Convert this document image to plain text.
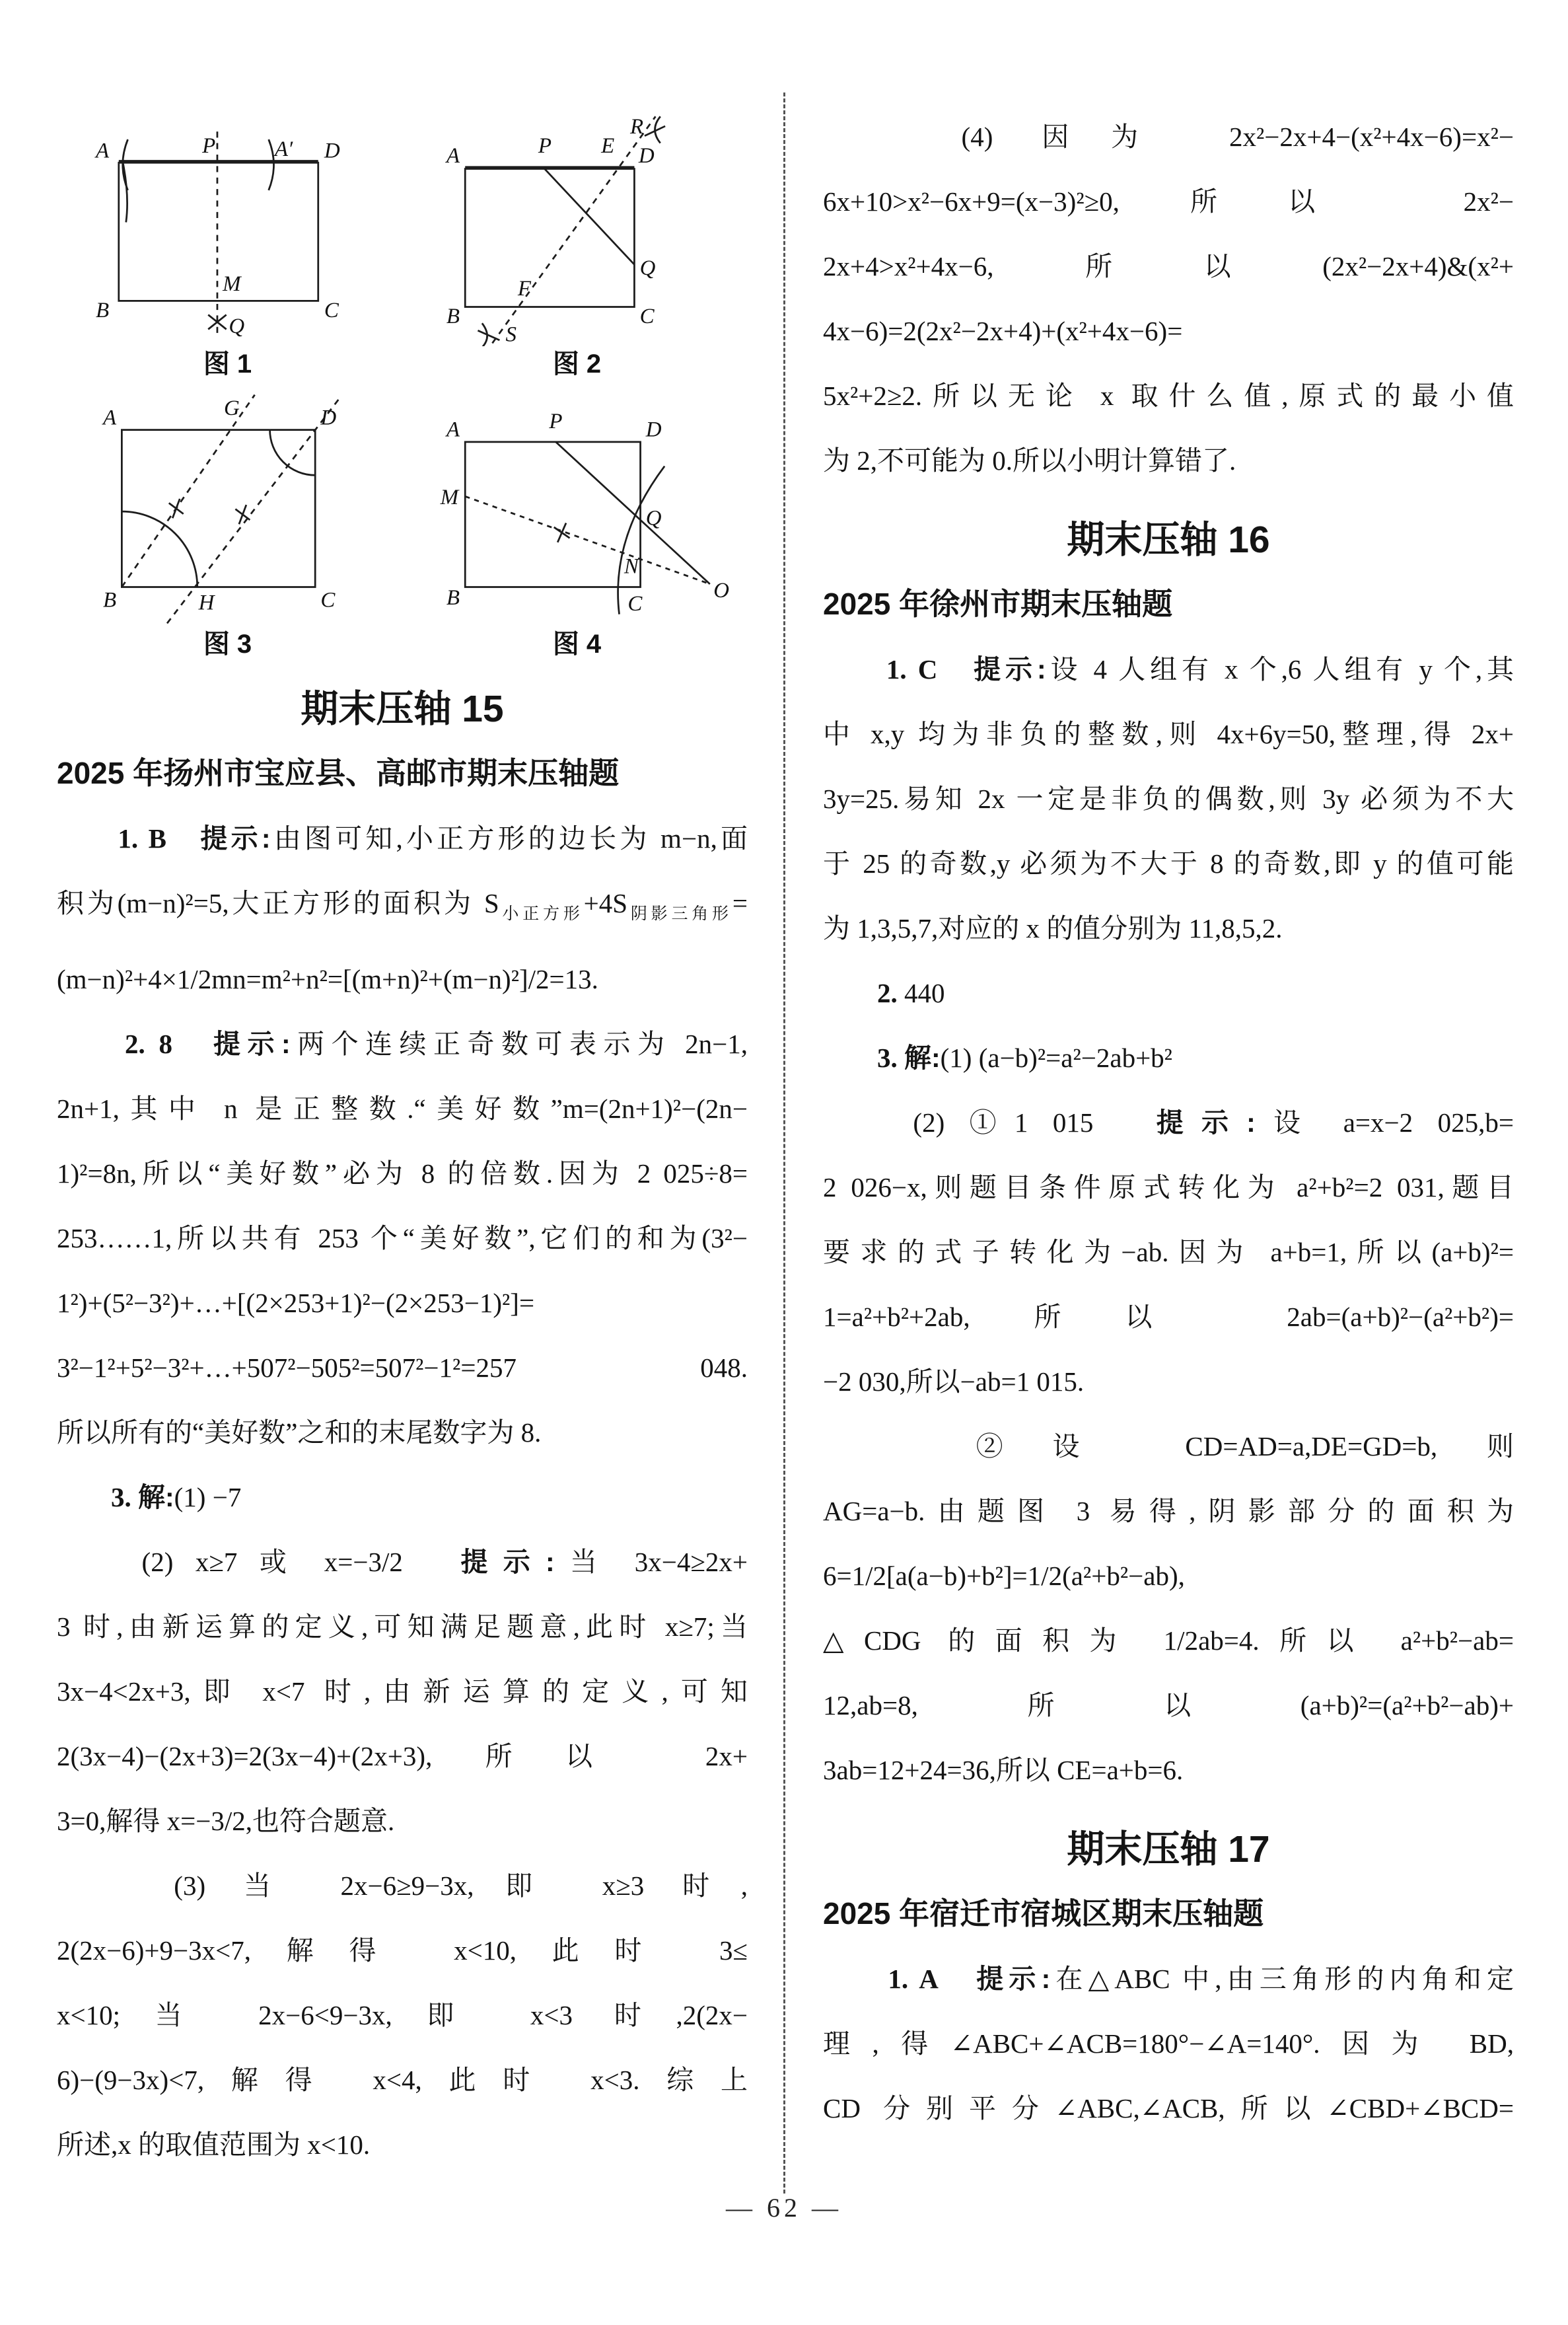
A	P A′ D
B
M
Q
C
图 1
A	P E D
R
Q
B
F
C
S
图 2
A	G	D
B	H	C
图 3
A	P	D
M
Q
N
B	C
O
图 4
期末压轴 15
2025 年扬州市宝应县、高邮市期末压轴题
　　1. B　 提示:由图可知,小正方形的边长为 m−n,面
积为(m−n)²=5,大正方形的面积为 $S_{小正方形}+4S_{阴影三角形}=$
(m−n)²+4×1/2mn=m²+n²=[(m+n)²+(m−n)²]/2=13.
　　2. 8　 提示:两个连续正奇数可表示为 2n−1,
2n+1,其中 n 是正整数.“美好数”m=(2n+1)²−(2n−
1)²=8n,所以“美好数”必为 8 的倍数.因为 2 025÷8=
253……1,所以共有 253 个“美好数”,它们的和为(3²−
1²)+(5²−3²)+…+[(2×253+1)²−(2×253−1)²]=
3²−1²+5²−3²+…+507²−505²=507²−1²=257 048.
所以所有的“美好数”之和的末尾数字为 8.
　　3. 解:(1) −7
　　(2) x≥7 或 x=−3/2　提示:当 3x−4≥2x+
3 时,由新运算的定义,可知满足题意,此时 x≥7;当
3x−4<2x+3,即 x<7 时,由新运算的定义,可知
2(3x−4)−(2x+3)=2(3x−4)+(2x+3),所以 2x+
3=0,解得 x=−3/2,也符合题意.
　　(3) 当 2x−6≥9−3x,即 x≥3 时,
2(2x−6)+9−3x<7,解得 x<10,此时 3≤
x<10;当 2x−6<9−3x,即 x<3 时,2(2x−
6)−(9−3x)<7,解得 x<4,此时 x<3.综上
所述,x 的取值范围为 x<10.
　　(4) 因为 2x²−2x+4−(x²+4x−6)=x²−
6x+10>x²−6x+9=(x−3)²≥0,所以 2x²−
2x+4>x²+4x−6,所以(2x²−2x+4)&(x²+
4x−6)=2(2x²−2x+4)+(x²+4x−6)=
5x²+2≥2.所以无论 x 取什么值,原式的最小值
为 2,不可能为 0.所以小明计算错了.
期末压轴 16
2025 年徐州市期末压轴题
　　1. C　 提示:设 4 人组有 x 个,6 人组有 y 个,其
中 x,y 均为非负的整数,则 4x+6y=50,整理,得 2x+
3y=25.易知 2x 一定是非负的偶数,则 3y 必须为不大
于 25 的奇数,y 必须为不大于 8 的奇数,即 y 的值可能
为 1,3,5,7,对应的 x 的值分别为 11,8,5,2.
　　2. 440
　　3. 解:(1) (a−b)²=a²−2ab+b²
　　(2) ①1 015　提示:设 a=x−2 025,b=
2 026−x,则题目条件原式转化为 a²+b²=2 031,题目
要求的式子转化为−ab.因为 a+b=1,所以(a+b)²=
1=a²+b²+2ab,所以 2ab=(a+b)²−(a²+b²)=
−2 030,所以−ab=1 015.
　　②设 CD=AD=a,DE=GD=b,则
AG=a−b.由题图 3 易得,阴影部分的面积为
6=1/2[a(a−b)+b²]=1/2(a²+b²−ab),
△CDG 的面积为 1/2ab=4.所以 a²+b²−ab=
12,ab=8,所以(a+b)²=(a²+b²−ab)+
3ab=12+24=36,所以 CE=a+b=6.
期末压轴 17
2025 年宿迁市宿城区期末压轴题
　　1. A　 提示:在△ABC 中,由三角形的内角和定
理,得∠ABC+∠ACB=180°−∠A=140°.因为 BD,
CD 分别平分∠ABC,∠ACB,所以∠CBD+∠BCD=
— 62 —
